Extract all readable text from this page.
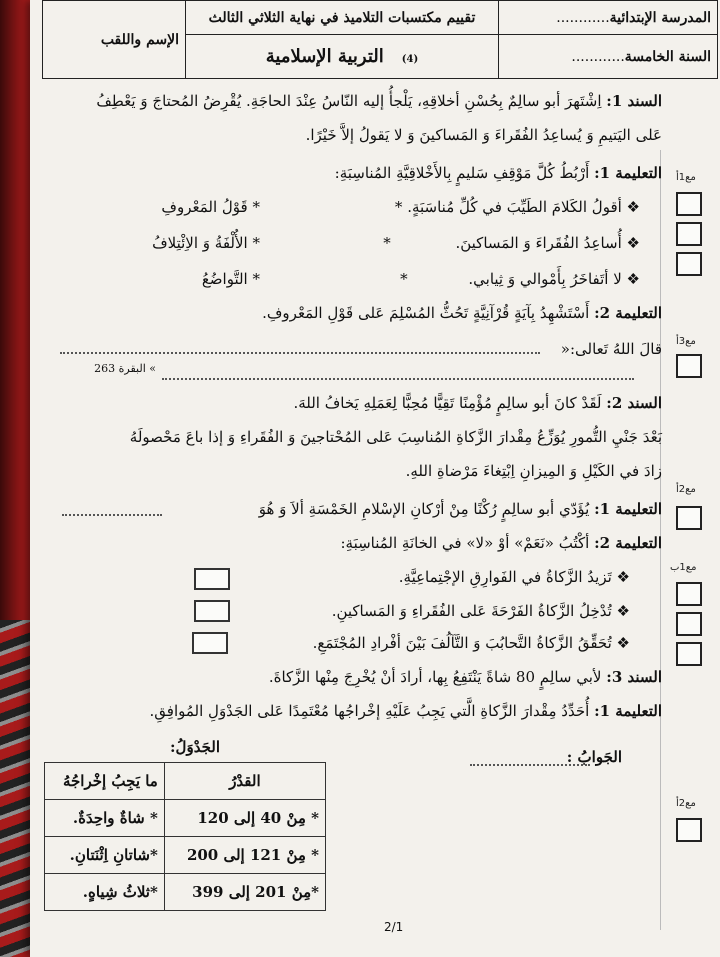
الإسم واللقب	تقييم مكتسبات التلاميذ في نهاية الثلاثي الثالث	المدرسة الإبتدائية............
	(4)التربية الإسلامية	السنة الخامسة............
السند 1: اِشْتَهرَ أبو سالِمٌ بِحُسْنِ أخلاقِهِ، يَلْجأُ إليه النّاسُ عِنْدَ الحاجَةِ. يُقْرِضُ المُحتاجَ وَ يَعْطِفُ
عَلى اليَتيمِ وَ يُساعِدُ الفُقَراءَ وَ المَساكينَ وَ لا يَقولُ إلاَّ خَيْرًا.
التعليمة 1: أَرْبُطُ كُلَّ مَوْقِفِ سَليمٍ بِالأَخْلاقِيَّةِ المُناسِبَةِ:
❖ أقولُ الكَلامَ الطَيِّبَ في كُلِّ مُناسَبَةٍ. *
* قَوْلُ المَعْروفِ
❖ أُساعِدُ الفُقَراءَ وَ المَساكينَ. *
* الأُلْفَةُ وَ الاِئْتِلافُ
❖ لا أتَفاخَرُ بِأَمْوالي وَ ثِيابي. *
* التَّواضُعُ
التعليمة 2: أَسْتَشْهِدُ بِآيَةٍ قُرْآنِيَّةٍ تَحُثُّ المُسْلِمَ عَلى قَوْلِ المَعْروفِ.
قالَ اللهُ تَعالى:«
» البقرة 263
السند 2: لَقَدْ كانَ أبو سالِمٍ مُؤْمِنًا تَقِيًّا مُحِبًّا لِعَمَلِهِ يَخافُ اللهَ.
بَعْدَ جَنْيِ التُّمورِ يُوَزِّعُ مِقْدارَ الزَّكاةِ المُناسِبَ عَلى المُحْتاجينَ وَ الفُقَراءِ وَ إذا باعَ مَحْصولَهُ
زادَ في الكَيْلِ وَ المِيزانِ اِبْتِغاءَ مَرْضاةِ اللهِ.
التعليمة 1: يُؤَدّي أبو سالِمٍ رُكْنًا مِنْ أرْكانِ الإسْلامِ الخَمْسَةِ ألاَ وَ هُوَ
التعليمة 2: أكْتُبُ «نَعَمْ» أوْ «لا» في الخانَةِ المُناسِبَةِ:
❖ تَزيدُ الزَّكاةُ في الفَوارِقِ الإجْتِماعِيَّةِ.
❖ تُدْخِلُ الزَّكاةُ الفَرْحَةَ عَلى الفُقَراءِ وَ المَساكينِ.
❖ تُحَقِّقُ الزَّكاةُ التَّحابُبَ وَ التَّآلُفَ بَيْنَ أفْرادِ المُجْتَمَعِ.
السند 3: لأبي سالِمٍ 80 شاةً يَنْتَفِعُ بِها، أرادَ أنْ يُخْرِجَ مِنْها الزَّكاةَ.
التعليمة 1: أُحَدِّدُ مِقْدارَ الزَّكاةِ الَّتي يَجِبُ عَلَيْهِ إخْراجُها مُعْتَمِدًا عَلى الجَدْوَلِ المُوافِقِ.
الجَدْوَلُ:
الجَوابُ :
القدْرُ	ما يَجِبُ إخْراجُهُ
* مِنْ 40 إلى 120	* شاةٌ واحِدَةٌ.
* مِنْ 121 إلى 200	*شاتانِ اِثْنَتانِ.
*مِنْ 201 إلى 399	*ثلاثُ شِياهٍ.
مع1أ
مع3أ
مع2أ
مع1ب
مع2أ
2/1
